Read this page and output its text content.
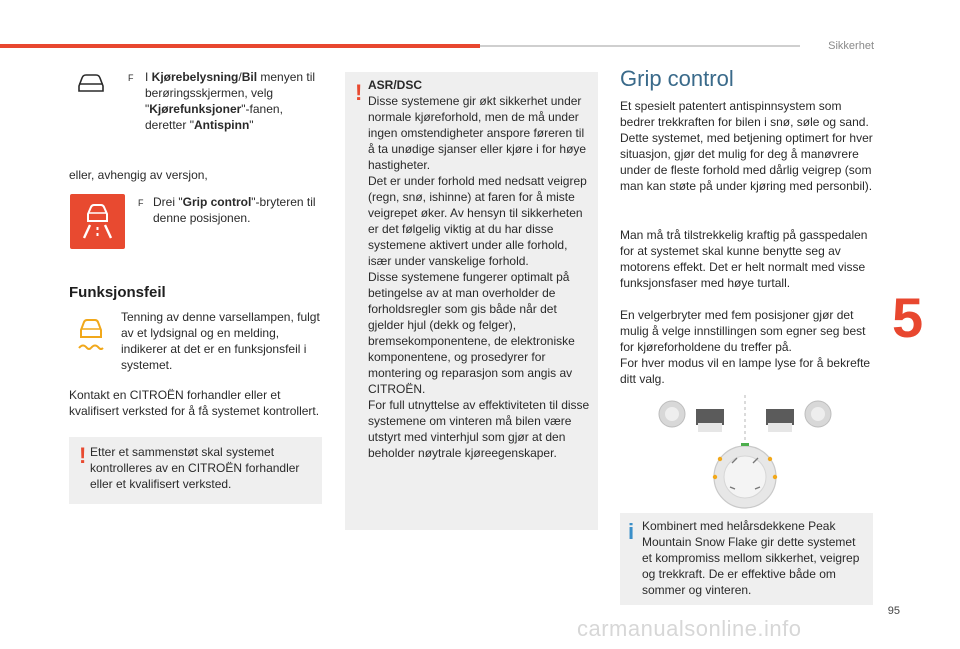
Sikkerhet
F I Kjørebelysning/Bil menyen til berøringsskjermen, velg "Kjørefunksjoner"-fanen, deretter "Antispinn"
eller, avhengig av versjon,
F Drei "Grip control"-bryteren til denne posisjonen.
Funksjonsfeil
Tenning av denne varsellampen, fulgt av et lydsignal og en melding, indikerer at det er en funksjonsfeil i systemet.
Kontakt en CITROËN forhandler eller et kvalifisert verksted for å få systemet kontrollert.
! Etter et sammenstøt skal systemet kontrolleres av en CITROËN forhandler eller et kvalifisert verksted.
! ASR/DSC
Disse systemene gir økt sikkerhet under normale kjøreforhold, men de må under ingen omstendigheter anspore føreren til å ta unødige sjanser eller kjøre i for høye hastigheter.
Det er under forhold med nedsatt veigrep (regn, snø, ishinne) at faren for å miste veigrepet øker. Av hensyn til sikkerheten er det følgelig viktig at du har disse systemene aktivert under alle forhold, især under vanskelige forhold.
Disse systemene fungerer optimalt på betingelse av at man overholder de forholdsregler som gis både når det gjelder hjul (dekk og felger), bremsekomponentene, de elektroniske komponentene, og prosedyrer for montering og reparasjon som angis av CITROËN.
For full utnyttelse av effektiviteten til disse systemene om vinteren må bilen være utstyrt med vinterhjul som gjør at den beholder nøytrale kjøreegenskaper.
Grip control
Et spesielt patentert antispinnsystem som bedrer trekkraften for bilen i snø, søle og sand. Dette systemet, med betjening optimert for hver situasjon, gjør det mulig for deg å manøvrere under de fleste forhold med dårlig veigrep (som man kan støte på under kjøring med personbil).
Man må trå tilstrekkelig kraftig på gasspedalen for at systemet skal kunne benytte seg av motorens effekt. Det er helt normalt med visse funksjonsfaser med høye turtall.
En velgerbryter med fem posisjoner gjør det mulig å velge innstillingen som egner seg best for kjøreforholdene du treffer på.
For hver modus vil en lampe lyse for å bekrefte ditt valg.
i Kombinert med helårsdekkene Peak Mountain Snow Flake gir dette systemet et kompromiss mellom sikkerhet, veigrep og trekkraft. De er effektive både om sommer og vinteren.
5
95
carmanualsonline.info
